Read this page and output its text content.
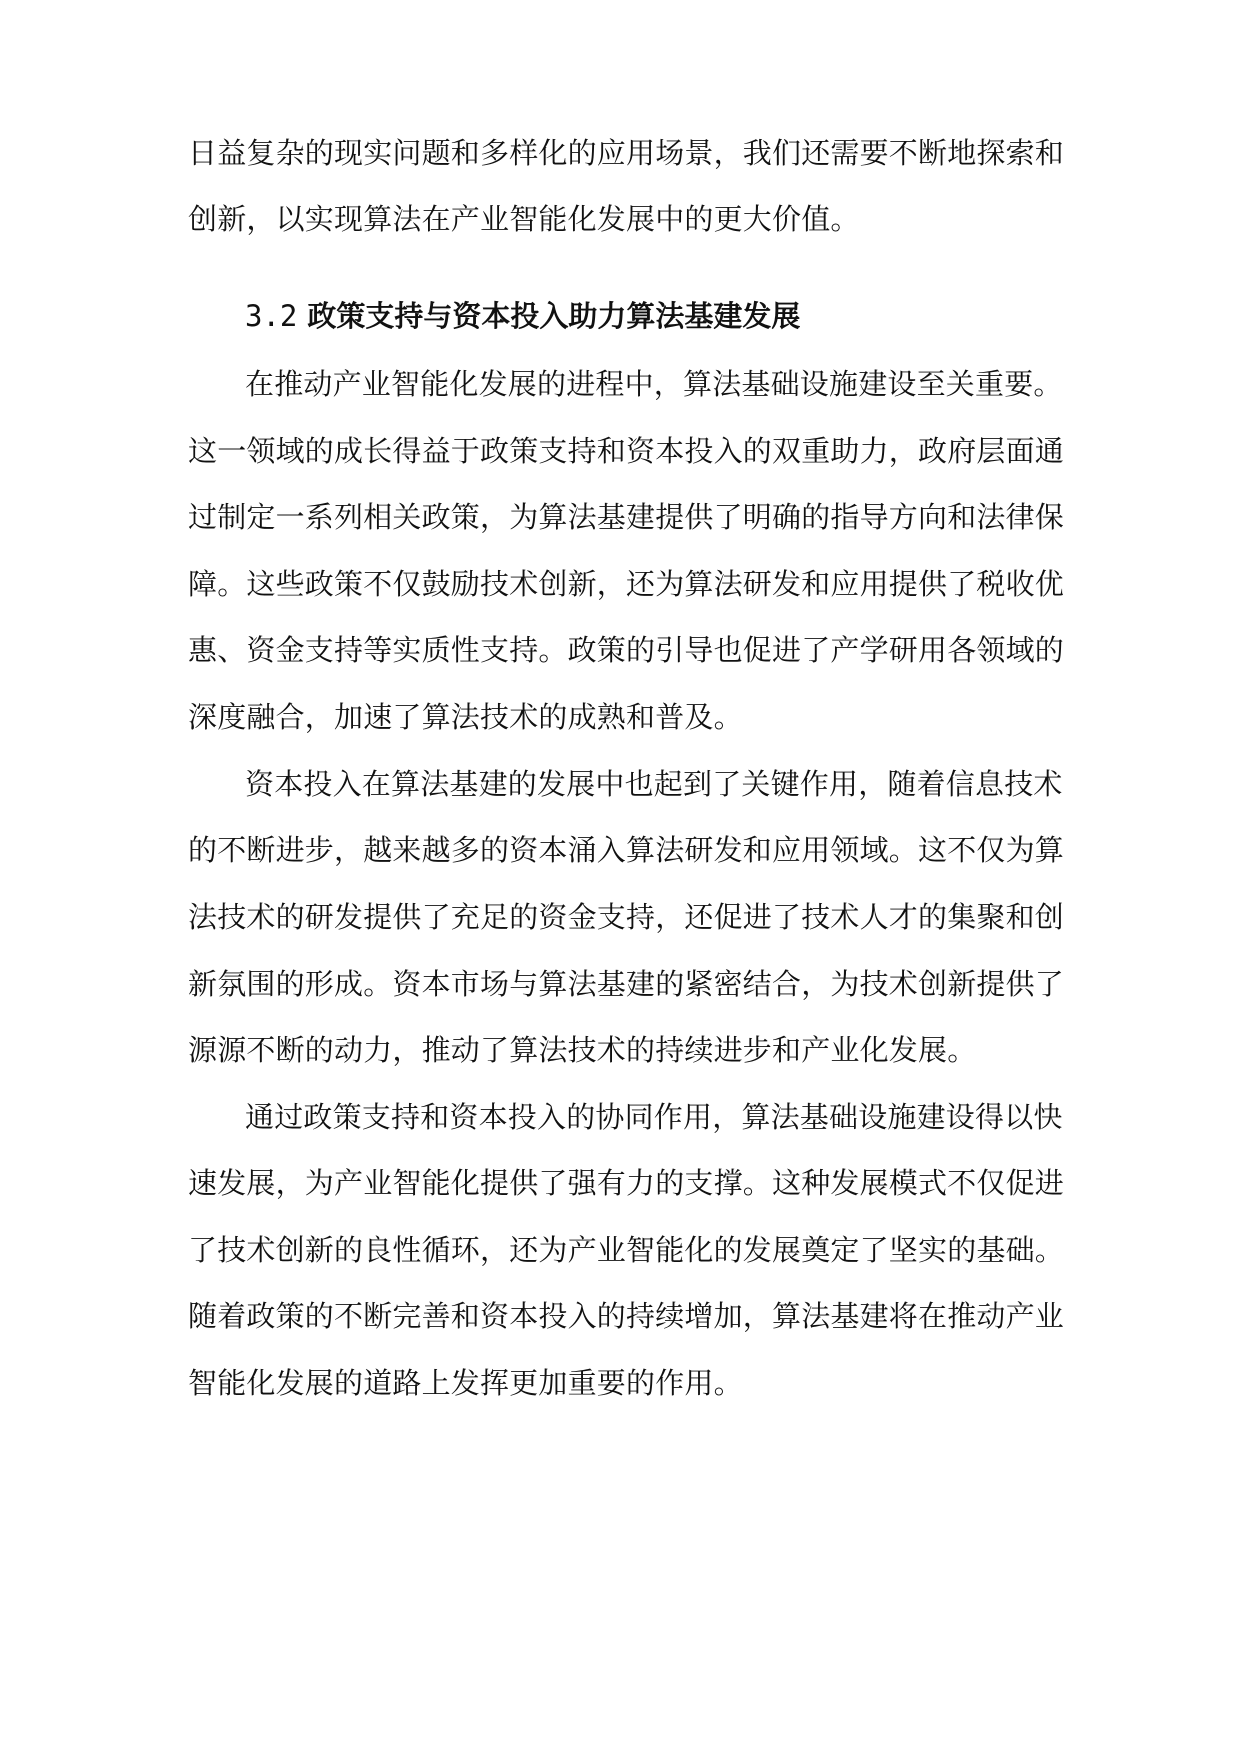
日益复杂的现实问题和多样化的应用场景，我们还需要不断地探索和
创新，以实现算法在产业智能化发展中的更大价值。
3.2 政策支持与资本投入助力算法基建发展
在推动产业智能化发展的进程中，算法基础设施建设至关重要。
这一领域的成长得益于政策支持和资本投入的双重助力，政府层面通
过制定一系列相关政策，为算法基建提供了明确的指导方向和法律保
障。这些政策不仅鼓励技术创新，还为算法研发和应用提供了税收优
惠、资金支持等实质性支持。政策的引导也促进了产学研用各领域的
深度融合，加速了算法技术的成熟和普及。
资本投入在算法基建的发展中也起到了关键作用，随着信息技术
的不断进步，越来越多的资本涌入算法研发和应用领域。这不仅为算
法技术的研发提供了充足的资金支持，还促进了技术人才的集聚和创
新氛围的形成。资本市场与算法基建的紧密结合，为技术创新提供了
源源不断的动力，推动了算法技术的持续进步和产业化发展。
通过政策支持和资本投入的协同作用，算法基础设施建设得以快
速发展，为产业智能化提供了强有力的支撑。这种发展模式不仅促进
了技术创新的良性循环，还为产业智能化的发展奠定了坚实的基础。
随着政策的不断完善和资本投入的持续增加，算法基建将在推动产业
智能化发展的道路上发挥更加重要的作用。
